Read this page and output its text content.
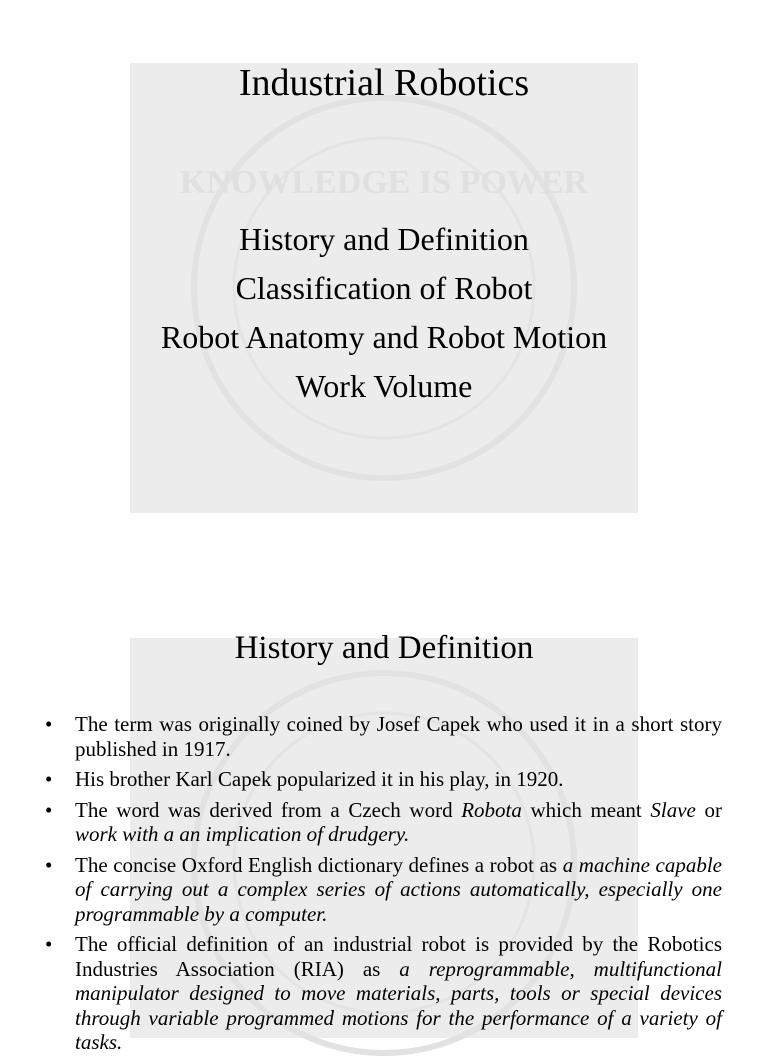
KNOWLEDGE IS POWER
Industrial Robotics
History and Definition
Classification of Robot
Robot Anatomy and Robot Motion
Work Volume
History and Definition
• The term was originally coined by Josef Capek who used it in a short story published in 1917.
• His brother Karl Capek popularized it in his play, in 1920.
• The word was derived from a Czech word Robota which meant Slave or work with a an implication of drudgery.
• The concise Oxford English dictionary defines a robot as a machine capable of carrying out a complex series of actions automatically, especially one programmable by a computer.
• The official definition of an industrial robot is provided by the Robotics Industries Association (RIA) as a reprogrammable, multifunctional manipulator designed to move materials, parts, tools or special devices through variable programmed motions for the performance of a variety of tasks.
